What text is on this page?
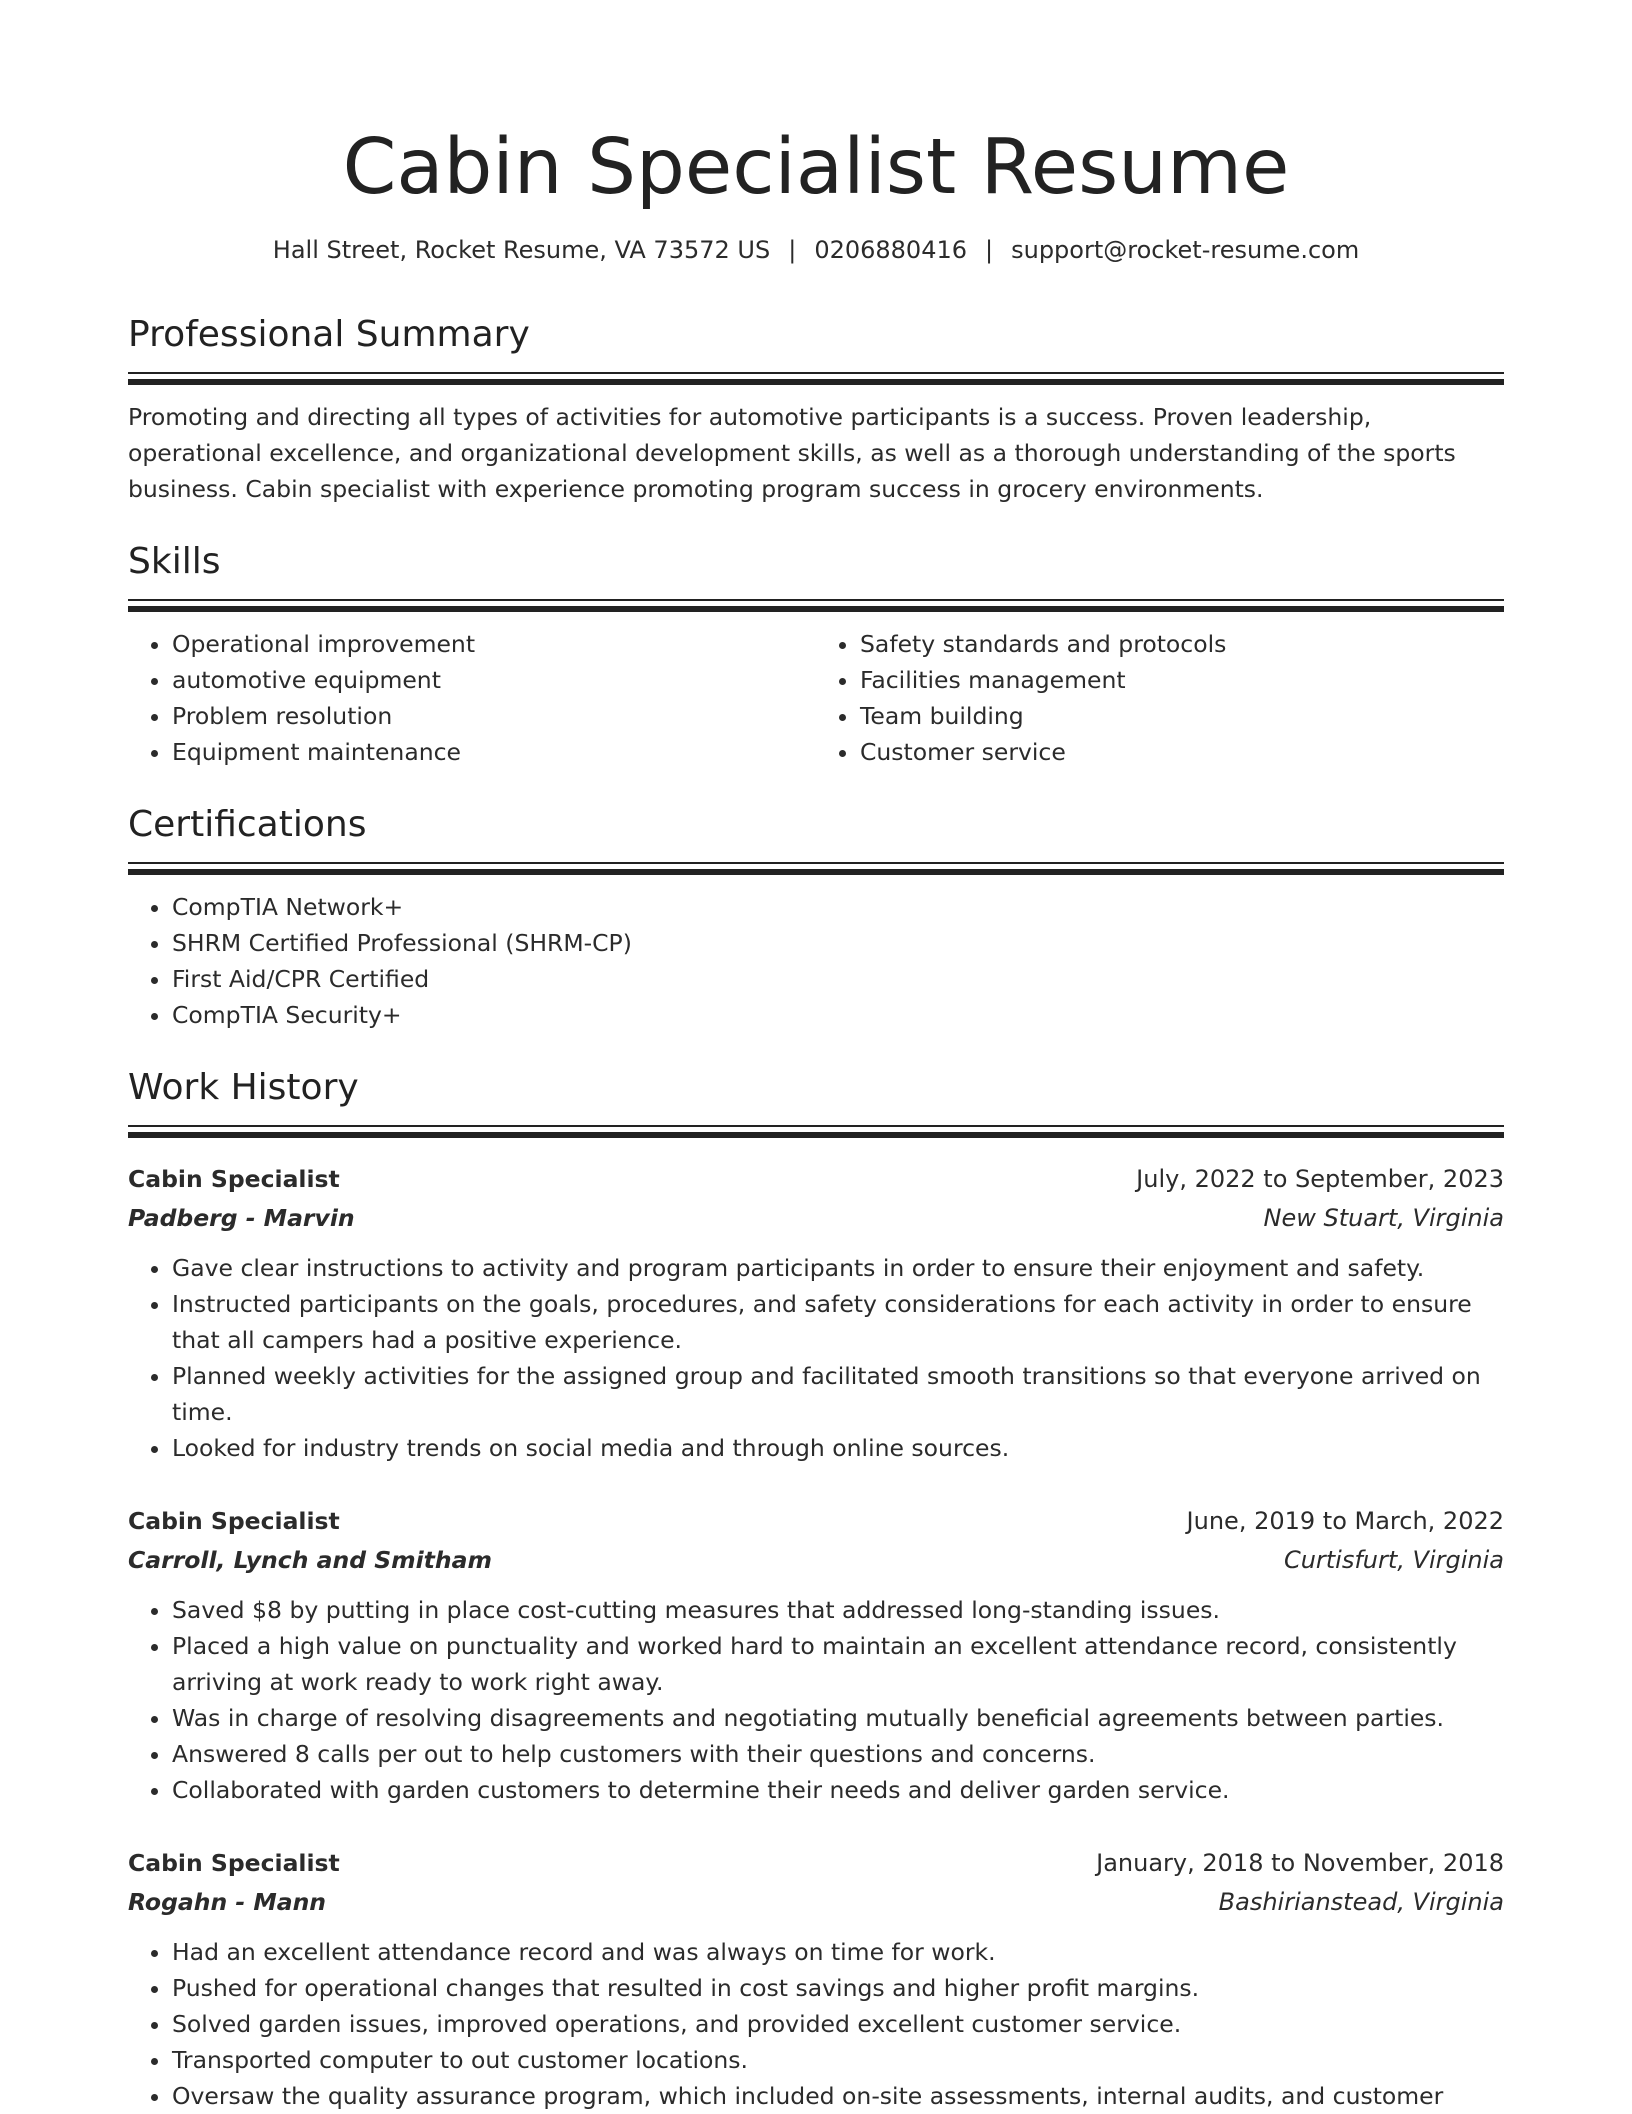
Cabin Specialist Resume
Hall Street, Rocket Resume, VA 73572 US | 0206880416 | support@rocket-resume.com
Professional Summary

Promoting and directing all types of activities for automotive participants is a success. Proven leadership, operational excellence, and organizational development skills, as well as a thorough understanding of the sports business. Cabin specialist with experience promoting program success in grocery environments.

Skills
• Operational improvement
• automotive equipment
• Problem resolution
• Equipment maintenance
• Safety standards and protocols
• Facilities management
• Team building
• Customer service
Certifications
• CompTIA Network+
• SHRM Certified Professional (SHRM-CP)
• First Aid/CPR Certified
• CompTIA Security+
Work History
Cabin Specialist	July, 2022 to September, 2023
Padberg - Marvin	New Stuart, Virginia
• Gave clear instructions to activity and program participants in order to ensure their enjoyment and safety.
• Instructed participants on the goals, procedures, and safety considerations for each activity in order to ensure that all campers had a positive experience.
• Planned weekly activities for the assigned group and facilitated smooth transitions so that everyone arrived on time.
• Looked for industry trends on social media and through online sources.
Cabin Specialist	June, 2019 to March, 2022
Carroll, Lynch and Smitham	Curtisfurt, Virginia
• Saved $8 by putting in place cost-cutting measures that addressed long-standing issues.
• Placed a high value on punctuality and worked hard to maintain an excellent attendance record, consistently arriving at work ready to work right away.
• Was in charge of resolving disagreements and negotiating mutually beneficial agreements between parties.
• Answered 8 calls per out to help customers with their questions and concerns.
• Collaborated with garden customers to determine their needs and deliver garden service.
Cabin Specialist	January, 2018 to November, 2018
Rogahn - Mann	Bashirianstead, Virginia
• Had an excellent attendance record and was always on time for work.
• Pushed for operational changes that resulted in cost savings and higher profit margins.
• Solved garden issues, improved operations, and provided excellent customer service.
• Transported computer to out customer locations.
• Oversaw the quality assurance program, which included on-site assessments, internal audits, and customer
